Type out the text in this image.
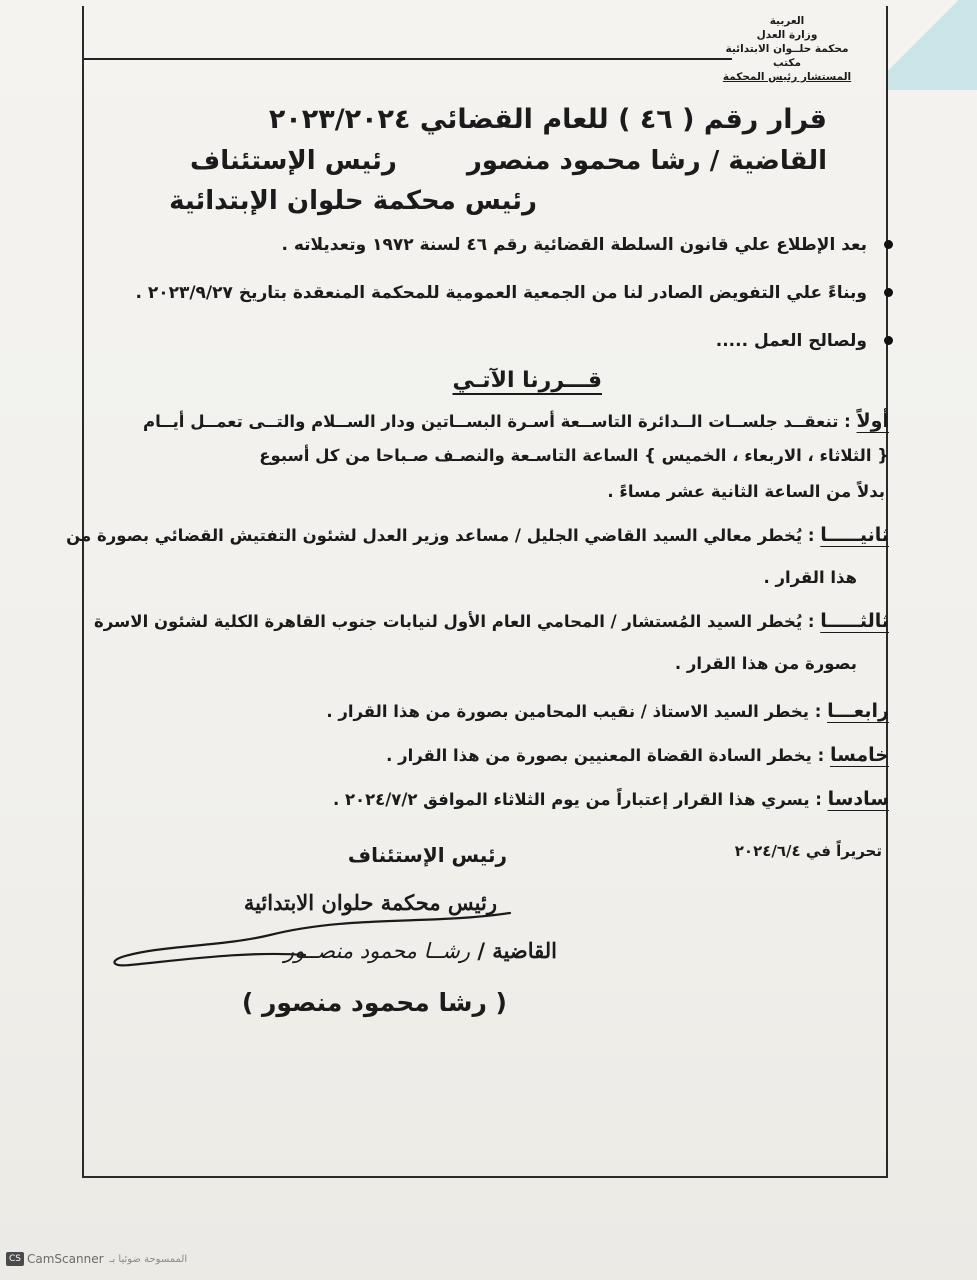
العربية
وزارة العدل
محكمة حلــوان الابتدائية
مكتب
المستشار رئيس المحكمة
قرار رقم ( ٤٦ ) للعام القضائي ٢٠٢٣/٢٠٢٤
القاضية / رشا محمود منصوررئيس الإستئناف
رئيس محكمة حلوان الإبتدائية
بعد الإطلاع علي قانون السلطة القضائية رقم ٤٦ لسنة ١٩٧٢ وتعديلاته .
وبناءً علي التفويض الصادر لنا من الجمعية العمومية للمحكمة المنعقدة بتاريخ ٢٠٢٣/٩/٢٧ .
ولصالح العمل .....
قـــررنا الآتـي
أولاً : تنعقــد جلســات الــدائرة التاســعة أسـرة البســاتين ودار الســلام والتــى تعمــل أيــام
{ الثلاثاء ، الاربعاء ، الخميس } الساعة التاسـعة والنصـف صـباحا من كل أسبوع
بدلاً من الساعة الثانية عشر مساءً .
ثانيـــــا : يُخطر معالي السيد القاضي الجليل / مساعد وزير العدل لشئون التفتيش القضائي بصورة من
هذا القرار .
ثالثـــــا : يُخطر السيد المُستشار / المحامي العام الأول لنيابات جنوب القاهرة الكلية لشئون الاسرة
بصورة من هذا القرار .
رابعـــا : يخطر السيد الاستاذ / نقيب المحامين بصورة من هذا القرار .
خامسا : يخطر السادة القضاة المعنيين بصورة من هذا القرار .
سادسا : يسري هذا القرار إعتباراً من يوم الثلاثاء الموافق ٢٠٢٤/٧/٢ .
تحريراً في ٢٠٢٤/٦/٤
رئيس الإستئناف
رئيس محكمة حلوان الابتدائية
القاضية / رشــا محمود منصــور
( رشا محمود منصور )
CS CamScanner الممسوحة ضوئيا بـ
